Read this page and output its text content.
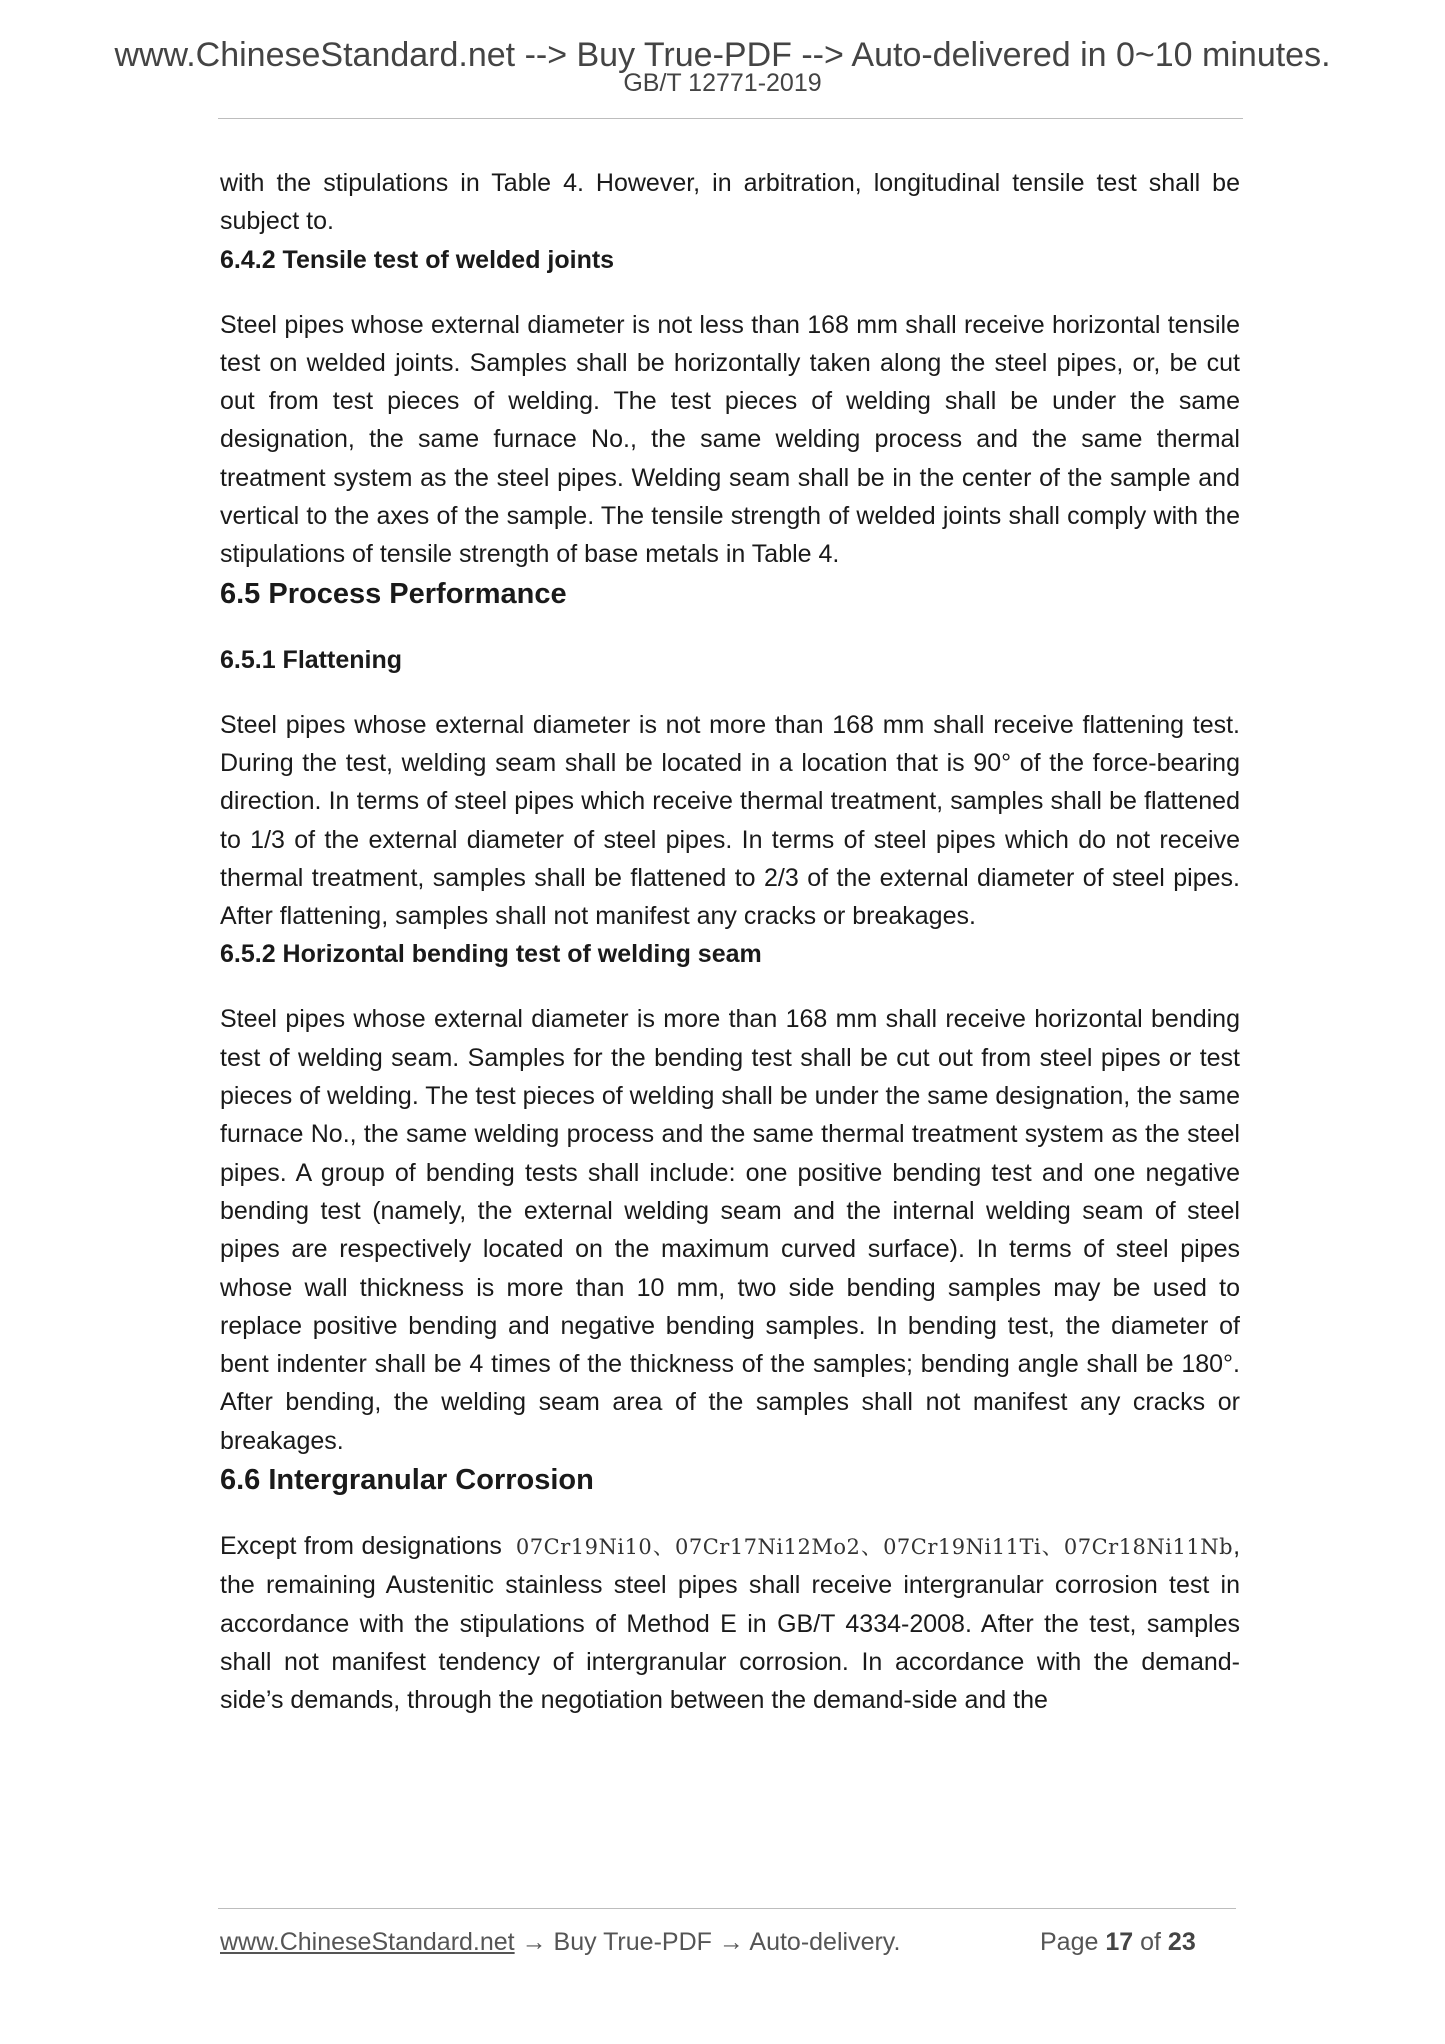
www.ChineseStandard.net --> Buy True-PDF --> Auto-delivered in 0~10 minutes.
GB/T 12771-2019

with the stipulations in Table 4. However, in arbitration, longitudinal tensile test shall be subject to.

6.4.2 Tensile test of welded joints

Steel pipes whose external diameter is not less than 168 mm shall receive horizontal tensile test on welded joints. Samples shall be horizontally taken along the steel pipes, or, be cut out from test pieces of welding. The test pieces of welding shall be under the same designation, the same furnace No., the same welding process and the same thermal treatment system as the steel pipes. Welding seam shall be in the center of the sample and vertical to the axes of the sample. The tensile strength of welded joints shall comply with the stipulations of tensile strength of base metals in Table 4.

6.5 Process Performance
6.5.1 Flattening

Steel pipes whose external diameter is not more than 168 mm shall receive flattening test. During the test, welding seam shall be located in a location that is 90° of the force-bearing direction. In terms of steel pipes which receive thermal treatment, samples shall be flattened to 1/3 of the external diameter of steel pipes. In terms of steel pipes which do not receive thermal treatment, samples shall be flattened to 2/3 of the external diameter of steel pipes. After flattening, samples shall not manifest any cracks or breakages.

6.5.2 Horizontal bending test of welding seam

Steel pipes whose external diameter is more than 168 mm shall receive horizontal bending test of welding seam. Samples for the bending test shall be cut out from steel pipes or test pieces of welding. The test pieces of welding shall be under the same designation, the same furnace No., the same welding process and the same thermal treatment system as the steel pipes. A group of bending tests shall include: one positive bending test and one negative bending test (namely, the external welding seam and the internal welding seam of steel pipes are respectively located on the maximum curved surface). In terms of steel pipes whose wall thickness is more than 10 mm, two side bending samples may be used to replace positive bending and negative bending samples. In bending test, the diameter of bent indenter shall be 4 times of the thickness of the samples; bending angle shall be 180°. After bending, the welding seam area of the samples shall not manifest any cracks or breakages.

6.6 Intergranular Corrosion

Except from designations 07Cr19Ni10、07Cr17Ni12Mo2、07Cr19Ni11Ti、07Cr18Ni11Nb, the remaining Austenitic stainless steel pipes shall receive intergranular corrosion test in accordance with the stipulations of Method E in GB/T 4334-2008. After the test, samples shall not manifest tendency of intergranular corrosion. In accordance with the demand-side’s demands, through the negotiation between the demand-side and the

www.ChineseStandard.net → Buy True-PDF → Auto-delivery.	Page 17 of 23
